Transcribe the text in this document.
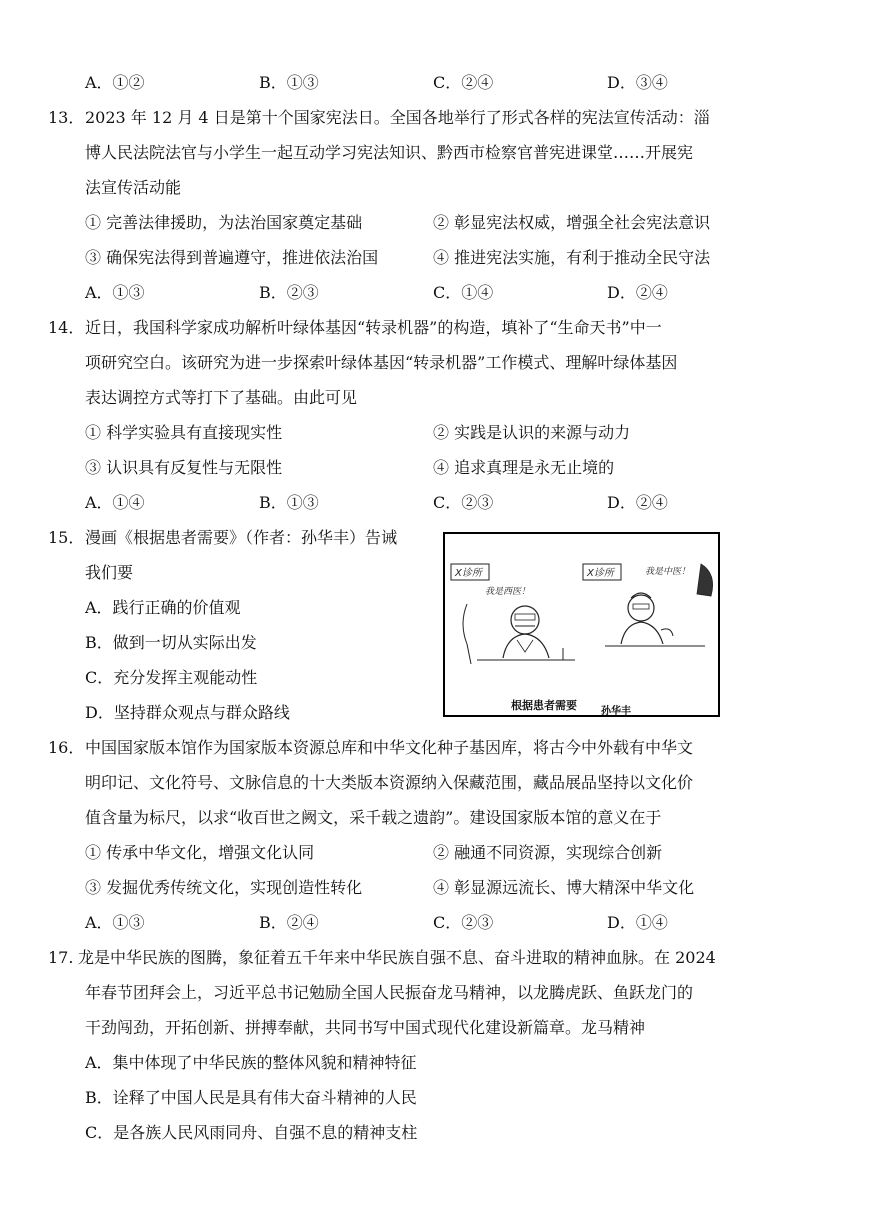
A．①②	B．①③	C．②④	D．③④
13． 2023 年 12 月 4 日是第十个国家宪法日。全国各地举行了形式各样的宪法宣传活动：淄
博人民法院法官与小学生一起互动学习宪法知识、黔西市检察官普宪进课堂……开展宪
法宣传活动能
① 完善法律援助，为法治国家奠定基础	② 彰显宪法权威，增强全社会宪法意识
③ 确保宪法得到普遍遵守，推进依法治国	④ 推进宪法实施，有利于推动全民守法
A．①③	B．②③	C．①④	D．②④
14． 近日，我国科学家成功解析叶绿体基因“转录机器”的构造，填补了“生命天书”中一
项研究空白。该研究为进一步探索叶绿体基因“转录机器”工作模式、理解叶绿体基因
表达调控方式等打下了基础。由此可见
① 科学实验具有直接现实性	② 实践是认识的来源与动力
③ 认识具有反复性与无限性	④ 追求真理是永无止境的
A．①④	B．①③	C．②③	D．②④
15． 漫画《根据患者需要》（作者：孙华丰）告诫
我们要
A．践行正确的价值观
B．做到一切从实际出发
C．充分发挥主观能动性
D．坚持群众观点与群众路线
X诊所
我是西医！
X诊所	我是中医！
根据患者需要 孙华丰
16． 中国国家版本馆作为国家版本资源总库和中华文化种子基因库，将古今中外载有中华文
明印记、文化符号、文脉信息的十大类版本资源纳入保藏范围，藏品展品坚持以文化价
值含量为标尺，以求“收百世之阙文，采千载之遗韵”。建设国家版本馆的意义在于
① 传承中华文化，增强文化认同	② 融通不同资源，实现综合创新
③ 发掘优秀传统文化，实现创造性转化	④ 彰显源远流长、博大精深中华文化
A．①③	B．②④	C．②③	D．①④
17. 龙是中华民族的图腾，象征着五千年来中华民族自强不息、奋斗进取的精神血脉。在 2024
年春节团拜会上，习近平总书记勉励全国人民振奋龙马精神，以龙腾虎跃、鱼跃龙门的
干劲闯劲，开拓创新、拼搏奉献，共同书写中国式现代化建设新篇章。龙马精神
A．集中体现了中华民族的整体风貌和精神特征
B．诠释了中国人民是具有伟大奋斗精神的人民
C．是各族人民风雨同舟、自强不息的精神支柱
